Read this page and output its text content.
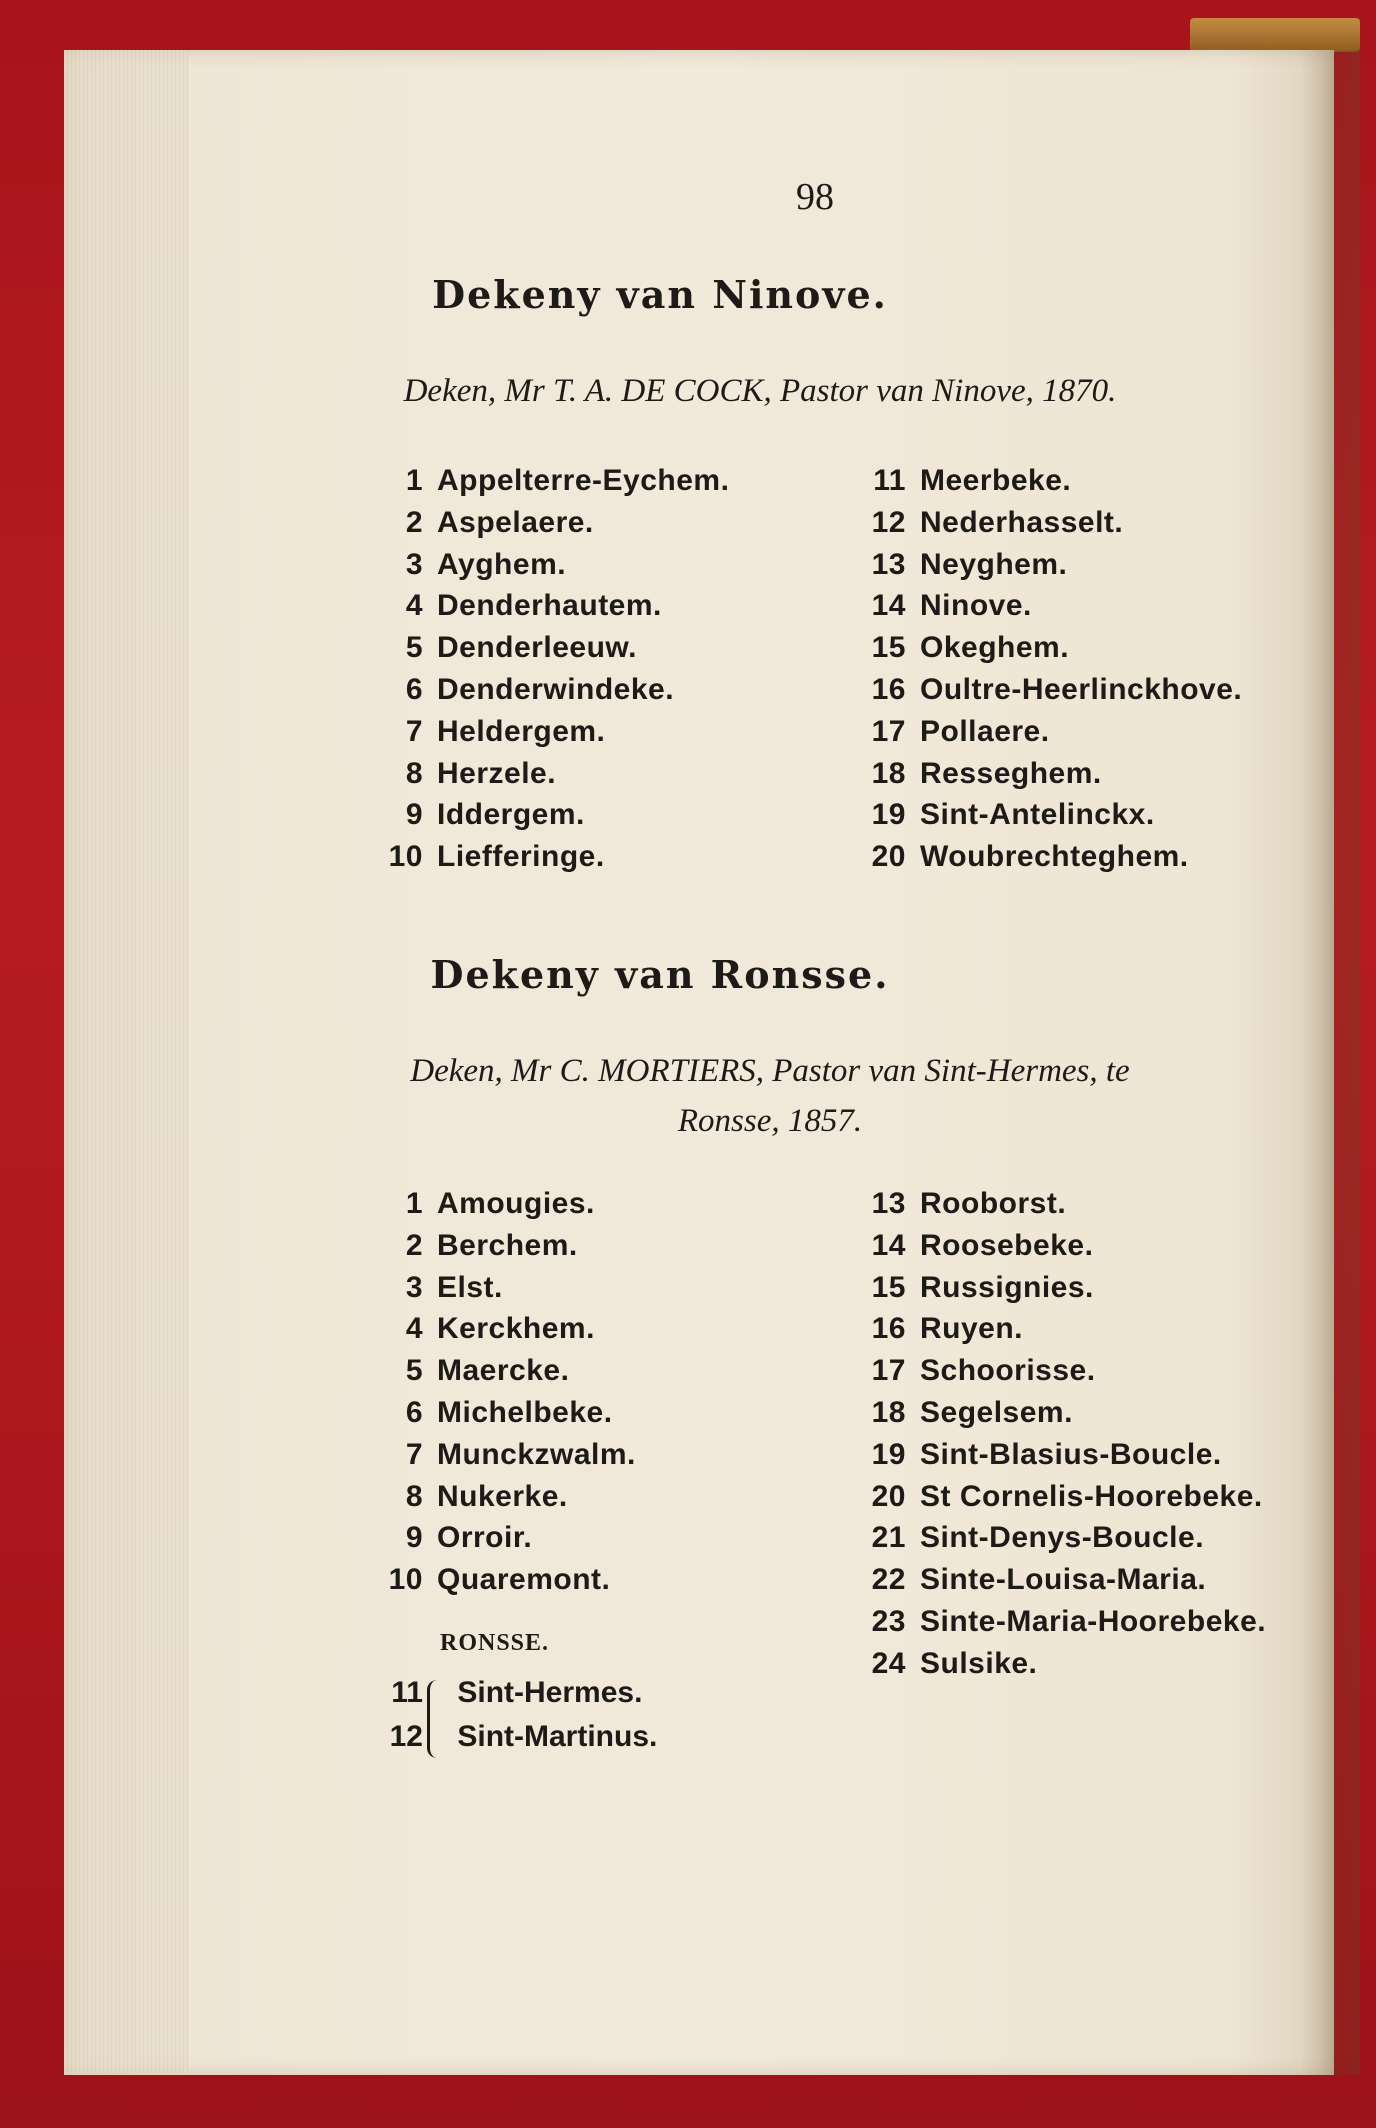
98
Dekeny van Ninove.
Deken, Mr T. A. DE COCK, Pastor van Ninove, 1870.
1 Appelterre-Eychem.
2 Aspelaere.
3 Ayghem.
4 Denderhautem.
5 Denderleeuw.
6 Denderwindeke.
7 Heldergem.
8 Herzele.
9 Iddergem.
10 Liefferinge.
11 Meerbeke.
12 Nederhasselt.
13 Neyghem.
14 Ninove.
15 Okeghem.
16 Oultre-Heerlinckhove.
17 Pollaere.
18 Resseghem.
19 Sint-Antelinckx.
20 Woubrechteghem.
Dekeny van Ronsse.
Deken, Mr C. MORTIERS, Pastor van Sint-Hermes, te
Ronsse, 1857.
1 Amougies.
2 Berchem.
3 Elst.
4 Kerckhem.
5 Maercke.
6 Michelbeke.
7 Munckzwalm.
8 Nukerke.
9 Orroir.
10 Quaremont.
13 Rooborst.
14 Roosebeke.
15 Russignies.
16 Ruyen.
17 Schoorisse.
18 Segelsem.
19 Sint-Blasius-Boucle.
20 St Cornelis-Hoorebeke.
21 Sint-Denys-Boucle.
22 Sinte-Louisa-Maria.
23 Sinte-Maria-Hoorebeke.
24 Sulsike.
RONSSE.
11 Sint-Hermes.
12 Sint-Martinus.
